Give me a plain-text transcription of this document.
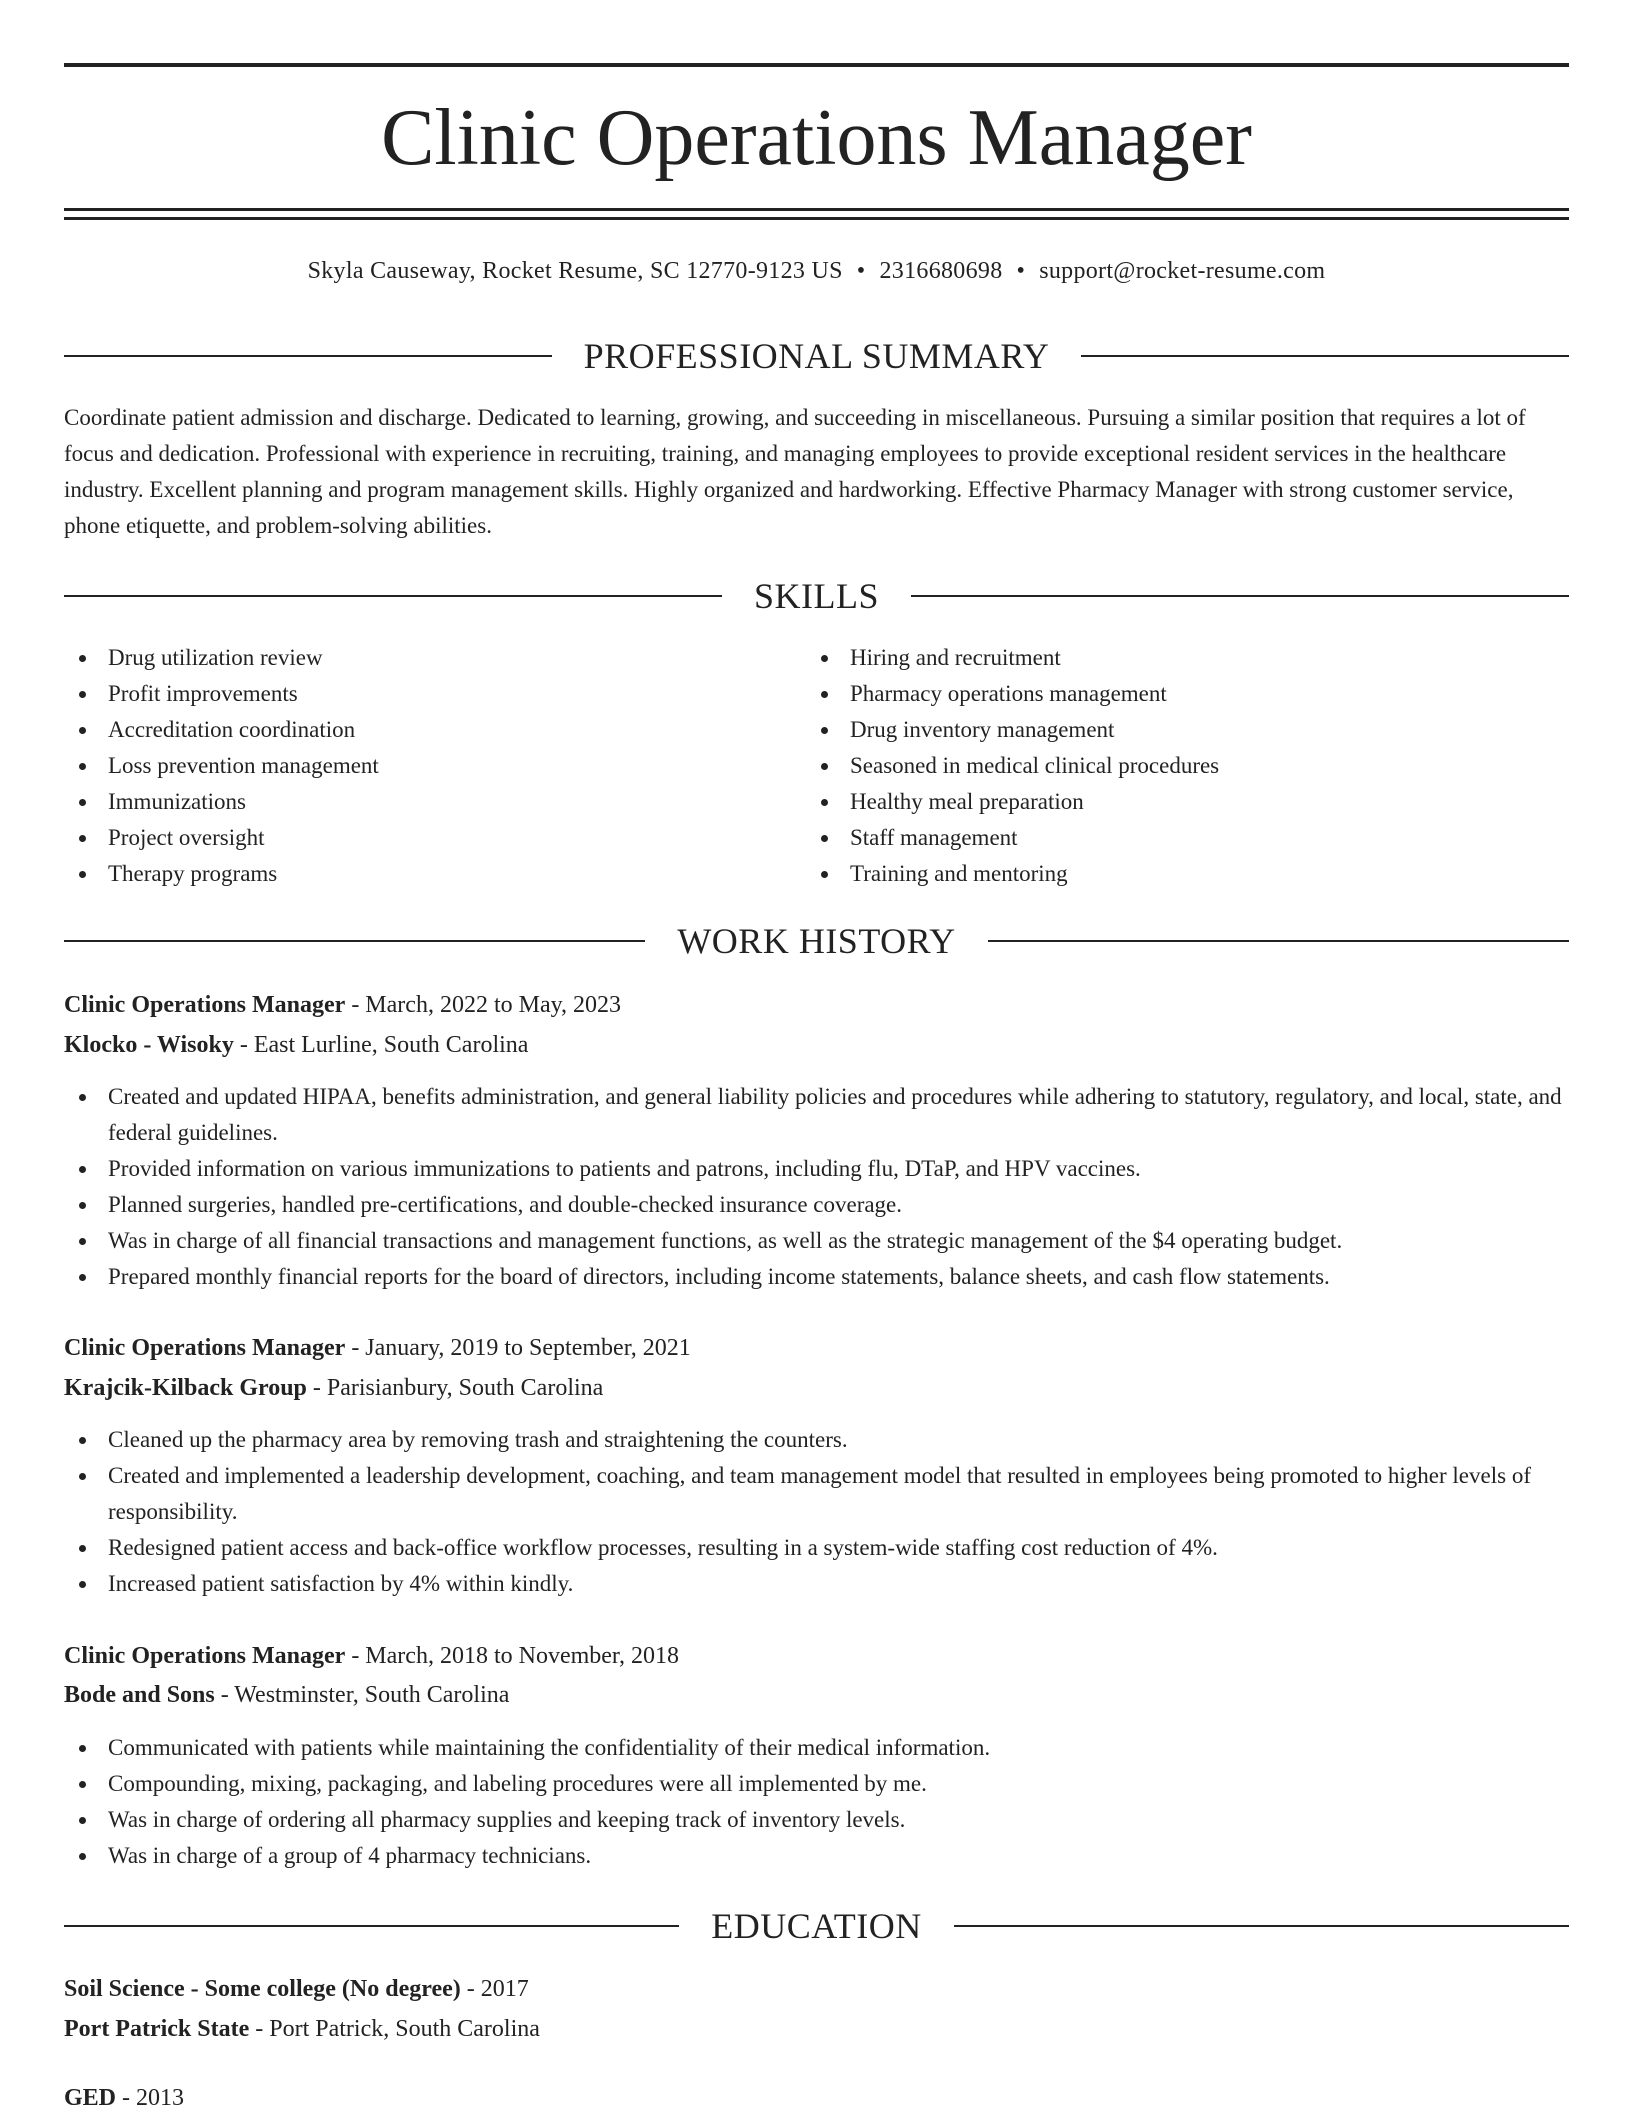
Clinic Operations Manager
Skyla Causeway, Rocket Resume, SC 12770-9123 US • 2316680698 • support@rocket-resume.com
PROFESSIONAL SUMMARY

Coordinate patient admission and discharge. Dedicated to learning, growing, and succeeding in miscellaneous. Pursuing a similar position that requires a lot of focus and dedication. Professional with experience in recruiting, training, and managing employees to provide exceptional resident services in the healthcare industry. Excellent planning and program management skills. Highly organized and hardworking. Effective Pharmacy Manager with strong customer service, phone etiquette, and problem-solving abilities.

SKILLS
Drug utilization review
Profit improvements
Accreditation coordination
Loss prevention management
Immunizations
Project oversight
Therapy programs
Hiring and recruitment
Pharmacy operations management
Drug inventory management
Seasoned in medical clinical procedures
Healthy meal preparation
Staff management
Training and mentoring
WORK HISTORY
Clinic Operations Manager - March, 2022 to May, 2023
Klocko - Wisoky - East Lurline, South Carolina
Created and updated HIPAA, benefits administration, and general liability policies and procedures while adhering to statutory, regulatory, and local, state, and federal guidelines.
Provided information on various immunizations to patients and patrons, including flu, DTaP, and HPV vaccines.
Planned surgeries, handled pre-certifications, and double-checked insurance coverage.
Was in charge of all financial transactions and management functions, as well as the strategic management of the $4 operating budget.
Prepared monthly financial reports for the board of directors, including income statements, balance sheets, and cash flow statements.
Clinic Operations Manager - January, 2019 to September, 2021
Krajcik-Kilback Group - Parisianbury, South Carolina
Cleaned up the pharmacy area by removing trash and straightening the counters.
Created and implemented a leadership development, coaching, and team management model that resulted in employees being promoted to higher levels of responsibility.
Redesigned patient access and back-office workflow processes, resulting in a system-wide staffing cost reduction of 4%.
Increased patient satisfaction by 4% within kindly.
Clinic Operations Manager - March, 2018 to November, 2018
Bode and Sons - Westminster, South Carolina
Communicated with patients while maintaining the confidentiality of their medical information.
Compounding, mixing, packaging, and labeling procedures were all implemented by me.
Was in charge of ordering all pharmacy supplies and keeping track of inventory levels.
Was in charge of a group of 4 pharmacy technicians.
EDUCATION
Soil Science - Some college (No degree) - 2017
Port Patrick State - Port Patrick, South Carolina
GED - 2013
